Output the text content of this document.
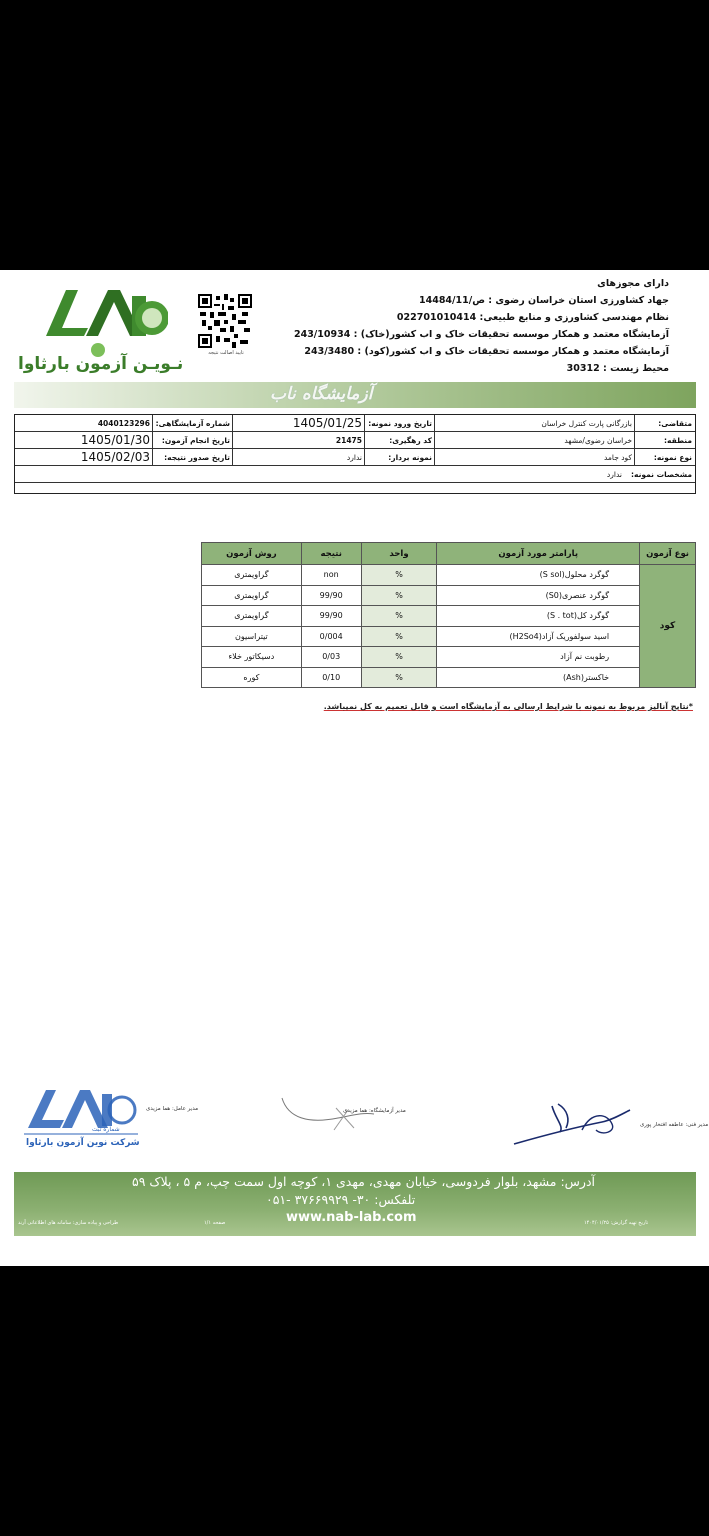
دارای مجوزهای
جهاد کشاورزی استان خراسان رضوی : ص/14484/11
نظام مهندسی کشاورزی و منابع طبیعی: 022701010414
آزمایشگاه معتمد و همکار موسسه تحقیقات خاک و اب کشور(خاک) : 243/10934
آزمایشگاه معتمد و همکار موسسه تحقیقات خاک و اب کشور(کود) : 243/3480
محیط زیست : 30312
نـویـن آزمون بارثاوا
تایید اصالت نتیجه
آزمایشگاه ناب
متقاضی:
بازرگانی پارت کنترل خراسان
تاریخ ورود نمونه:
1405/01/25
شماره آزمایشگاهی:
4040123296
منطقه:
خراسان رضوی/مشهد
کد رهگیری:
21475
تاریخ انجام آزمون:
1405/01/30
نوع نمونه:
کود جامد
نمونه بردار:
ندارد
تاریخ صدور نتیجه:
1405/02/03
مشخصات نمونه:
ندارد
روش آزمون	نتیجه	واحد	پارامتر مورد آزمون	نوع آزمون
گراویمتری	non	%	گوگرد محلول(S sol)	کود
گراویمتری	99/90	%	گوگرد عنصری(S0)	
گراویمتری	99/90	%	گوگرد کل(S . tot)	
تیتراسیون	0/004	%	اسید سولفوریک آزاد(H2So4)	
دسیکاتور خلاء	0/03	%	رطوبت نم آزاد	
کوره	0/10	%	خاکستر(Ash)	
*نتایج آنالیز مربوط به نمونه با شرایط ارسالی به آزمایشگاه است و قابل تعمیم به کل نمیباشد.
شماره ثبت
شرکت نوین آزمون بارثاوا
مدیر عامل: هما مزیدی	مدیر آزمایشگاه: هما مزیدی
مدیر فنی: عاطفه افتخار پوری
آدرس: مشهد، بلوار فردوسی، خیابان مهدی، مهدی ۱، کوچه اول سمت چپ، م ۵ ، پلاک ۵۹
تلفکس: ۳۰- ۳۷۶۶۹۹۲۹ -۰۵۱
www.nab-lab.com
صفحه ۱/۱
طراحی و پیاده سازی: سامانه های اطلاعاتی آرند	تاریخ تهیه گزارش: ۱۴۰۴/۰۱/۲۵
